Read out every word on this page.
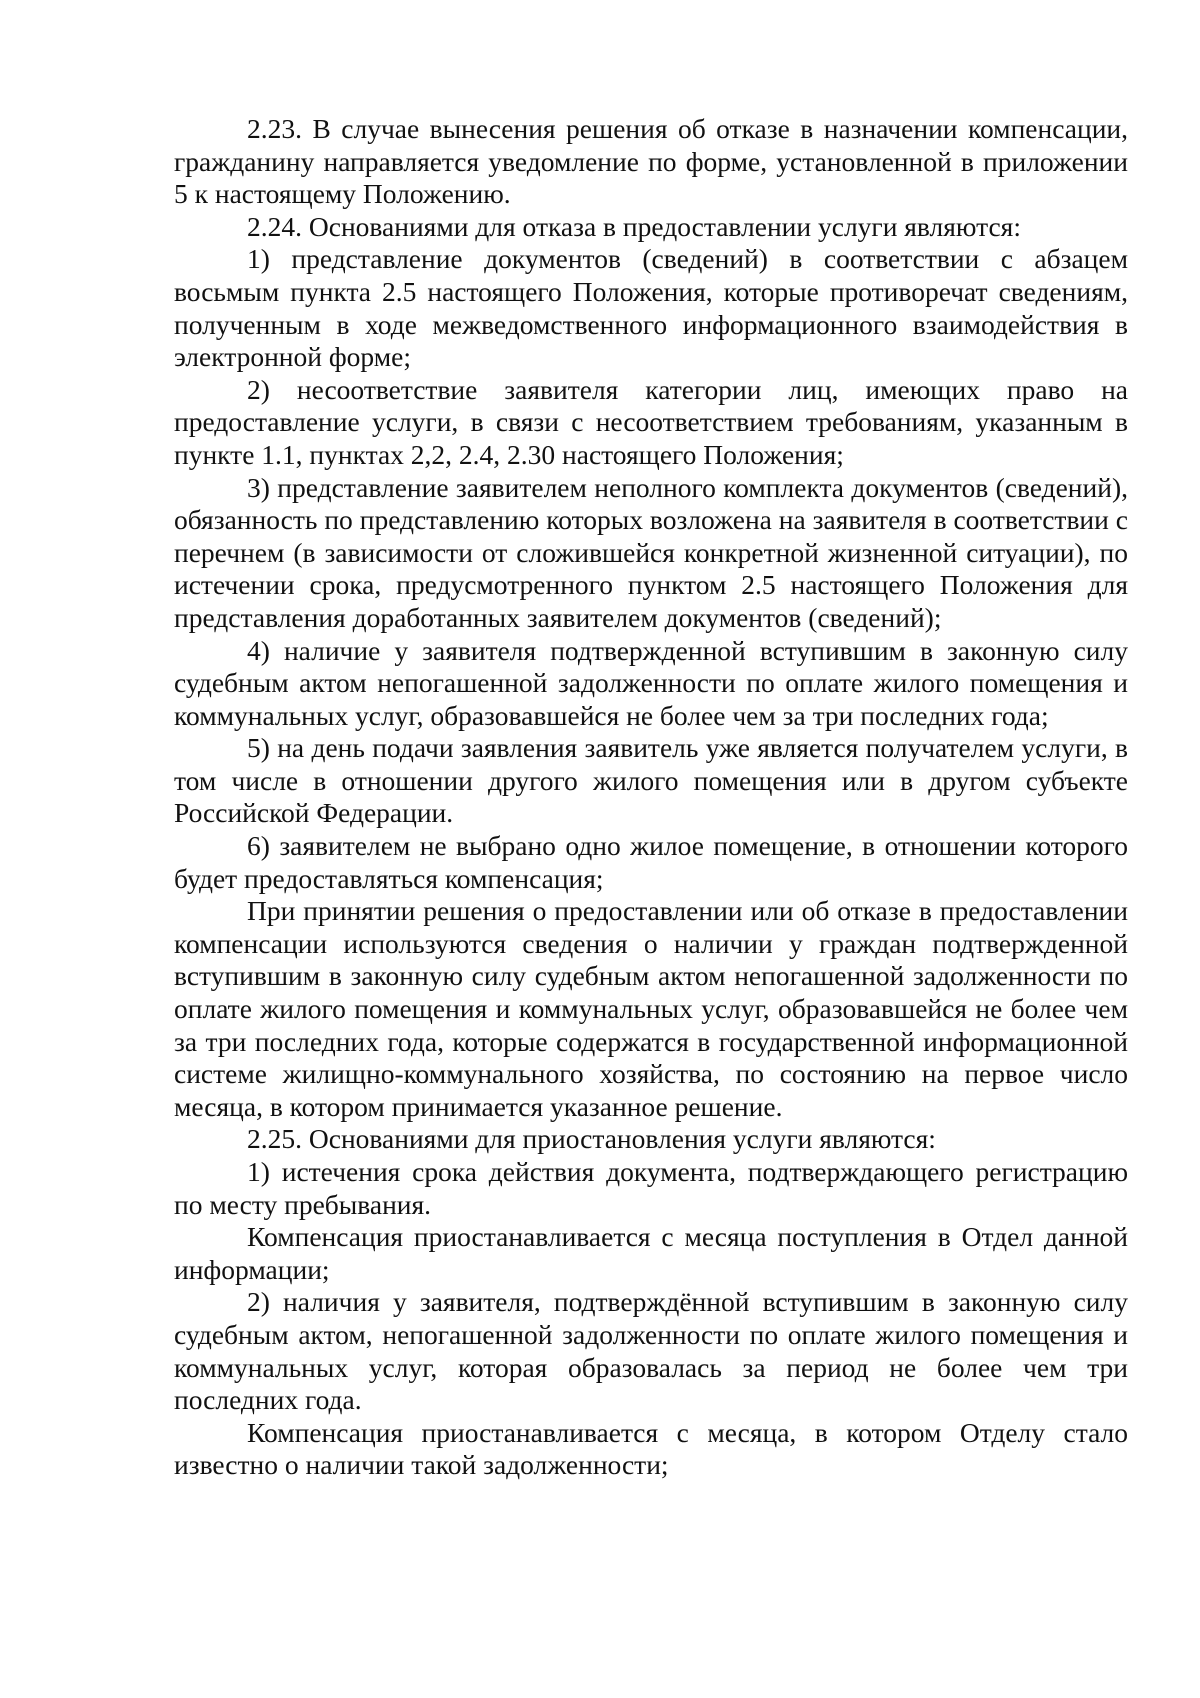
2.23. В случае вынесения решения об отказе в назначении компенсации, гражданину направляется уведомление по форме, установленной в приложении 5 к настоящему Положению.

2.24. Основаниями для отказа в предоставлении услуги являются:

1) представление документов (сведений) в соответствии с абзацем восьмым пункта 2.5 настоящего Положения, которые противоречат сведениям, полученным в ходе межведомственного информационного взаимодействия в электронной форме;

2) несоответствие заявителя категории лиц, имеющих право на предоставление услуги, в связи с несоответствием требованиям, указанным в пункте 1.1, пунктах 2,2, 2.4, 2.30 настоящего Положения;

3) представление заявителем неполного комплекта документов (сведений), обязанность по представлению которых возложена на заявителя в соответствии с перечнем (в зависимости от сложившейся конкретной жизненной ситуации), по истечении срока, предусмотренного пунктом 2.5 настоящего Положения для представления доработанных заявителем документов (сведений);

4) наличие у заявителя подтвержденной вступившим в законную силу судебным актом непогашенной задолженности по оплате жилого помещения и коммунальных услуг, образовавшейся не более чем за три последних года;

5) на день подачи заявления заявитель уже является получателем услуги, в том числе в отношении другого жилого помещения или в другом субъекте Российской Федерации.

6) заявителем не выбрано одно жилое помещение, в отношении которого будет предоставляться компенсация;

При принятии решения о предоставлении или об отказе в предоставлении компенсации используются сведения о наличии у граждан подтвержденной вступившим в законную силу судебным актом непогашенной задолженности по оплате жилого помещения и коммунальных услуг, образовавшейся не более чем за три последних года, которые содержатся в государственной информационной системе жилищно-коммунального хозяйства, по состоянию на первое число месяца, в котором принимается указанное решение.

2.25. Основаниями для приостановления услуги являются:

1) истечения срока действия документа, подтверждающего регистрацию по месту пребывания.

Компенсация приостанавливается с месяца поступления в Отдел данной информации;

2) наличия у заявителя, подтверждённой вступившим в законную силу судебным актом, непогашенной задолженности по оплате жилого помещения и коммунальных услуг, которая образовалась за период не более чем три последних года.

Компенсация приостанавливается с месяца, в котором Отделу стало известно о наличии такой задолженности;
